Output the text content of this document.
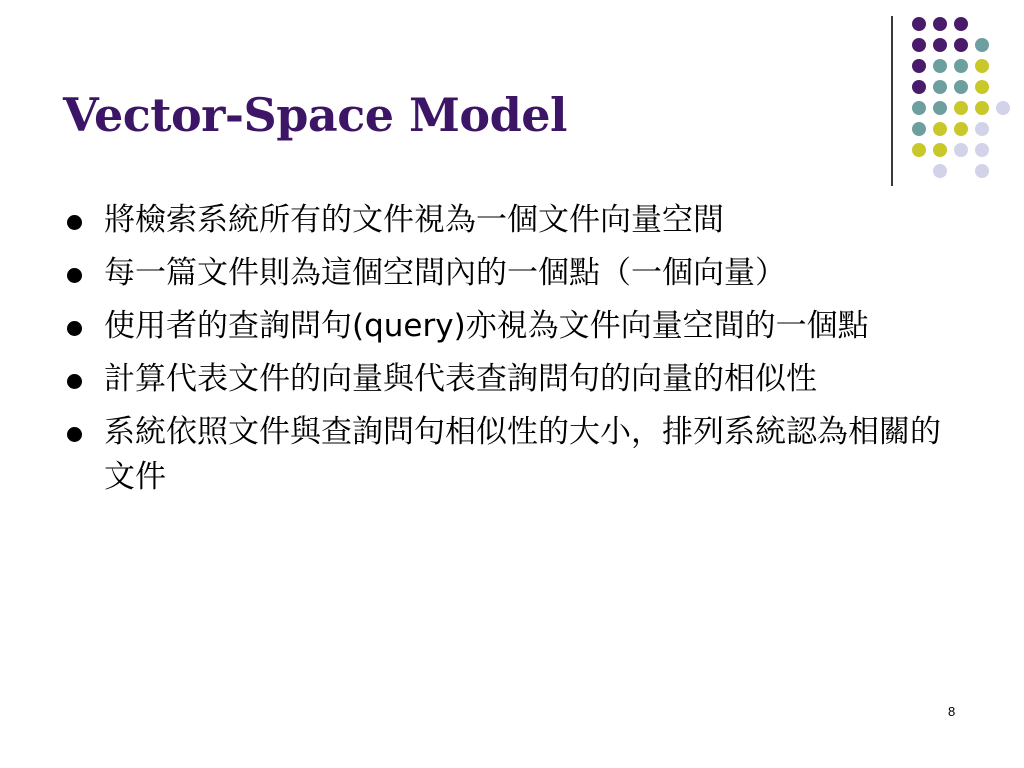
Vector-Space Model
將檢索系統所有的文件視為一個文件向量空間
每一篇文件則為這個空間內的一個點（一個向量）
使用者的查詢問句(query)亦視為文件向量空間的一個點
計算代表文件的向量與代表查詢問句的向量的相似性
系統依照文件與查詢問句相似性的大小，排列系統認為相關的文件
8
